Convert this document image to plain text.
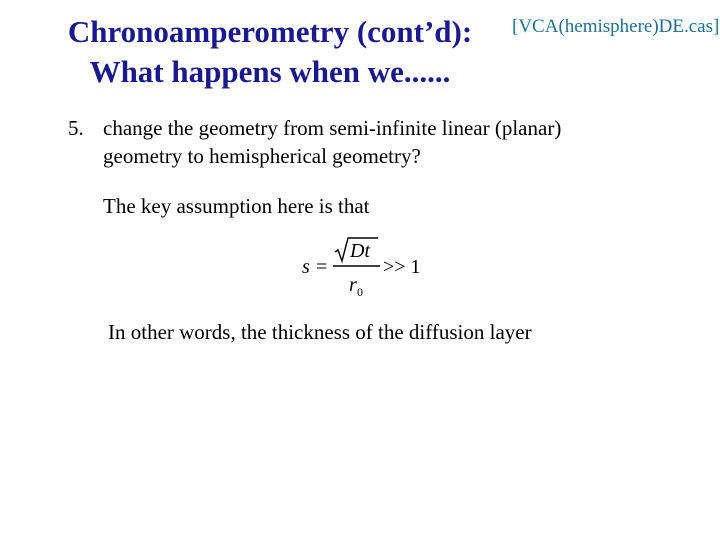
Chronoamperometry (cont’d):
What happens when we......
[VCA(hemisphere)DE.cas]
5. change the geometry from semi-infinite linear (planar)
geometry to hemispherical geometry?
The key assumption here is that
s =
Dt
r 0
>> 1
In other words, the thickness of the diffusion layer
